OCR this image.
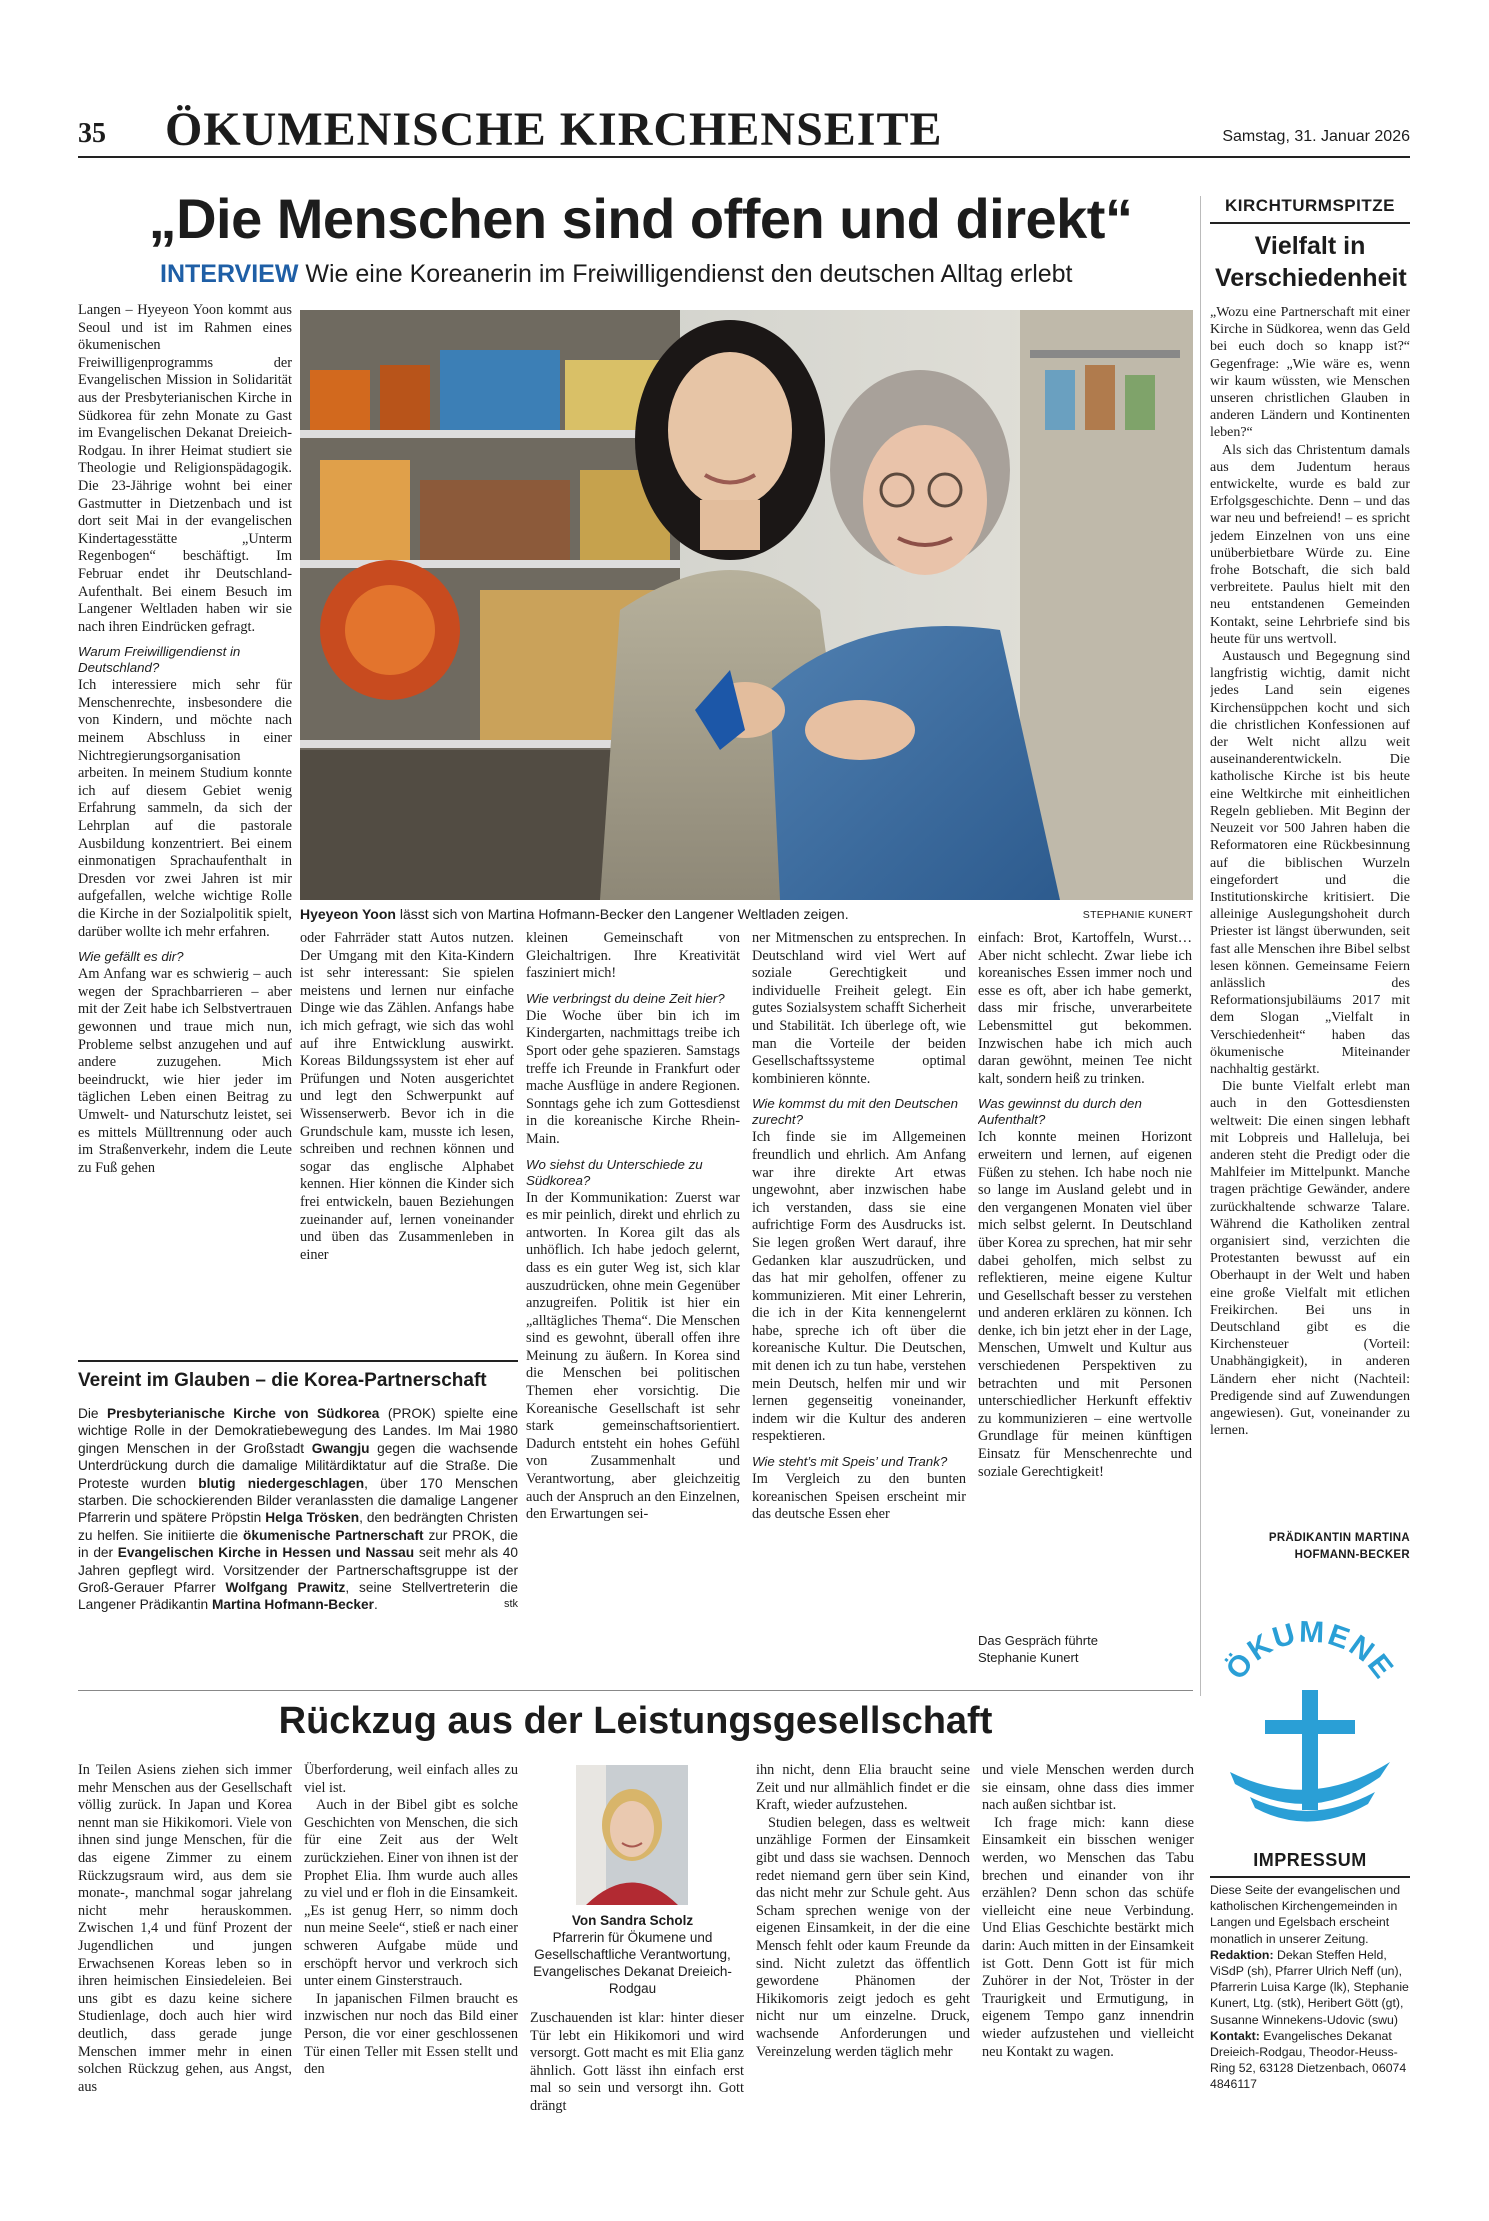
35 ÖKUMENISCHE KIRCHENSEITE	Samstag, 31. Januar 2026
„Die Menschen sind offen und direkt“
INTERVIEW Wie eine Koreanerin im Freiwilligendienst den deutschen Alltag erlebt

Langen – Hyeyeon Yoon kommt aus Seoul und ist im Rahmen eines ökumenischen Freiwilligenprogramms der Evangelischen Mission in Solidarität aus der Presbyterianischen Kirche in Südkorea für zehn Monate zu Gast im Evangelischen Dekanat Dreieich-Rodgau. In ihrer Heimat studiert sie Theologie und Religionspädagogik. Die 23-Jährige wohnt bei einer Gastmutter in Dietzenbach und ist dort seit Mai in der evangelischen Kindertagesstätte „Unterm Regenbogen“ beschäftigt. Im Februar endet ihr Deutschland-Aufenthalt. Bei einem Besuch im Langener Weltladen haben wir sie nach ihren Eindrücken gefragt.

Warum Freiwilligendienst in Deutschland?

Ich interessiere mich sehr für Menschenrechte, insbesondere die von Kindern, und möchte nach meinem Abschluss in einer Nichtregierungsorganisation arbeiten. In meinem Studium konnte ich auf diesem Gebiet wenig Erfahrung sammeln, da sich der Lehrplan auf die pastorale Ausbildung konzentriert. Bei einem einmonatigen Sprachaufenthalt in Dresden vor zwei Jahren ist mir aufgefallen, welche wichtige Rolle die Kirche in der Sozialpolitik spielt, darüber wollte ich mehr erfahren.

Wie gefällt es dir?

Am Anfang war es schwierig – auch wegen der Sprachbarrieren – aber mit der Zeit habe ich Selbstvertrauen gewonnen und traue mich nun, Probleme selbst anzugehen und auf andere zuzugehen. Mich beeindruckt, wie hier jeder im täglichen Leben einen Beitrag zu Umwelt- und Naturschutz leistet, sei es mittels Mülltrennung oder auch im Straßenverkehr, indem die Leute zu Fuß gehen

Hyeyeon Yoon lässt sich von Martina Hofmann-Becker den Langener Weltladen zeigen.	STEPHANIE KUNERT

oder Fahrräder statt Autos nutzen. Der Umgang mit den Kita-Kindern ist sehr interessant: Sie spielen meistens und lernen nur einfache Dinge wie das Zählen. Anfangs habe ich mich gefragt, wie sich das wohl auf ihre Entwicklung auswirkt. Koreas Bildungssystem ist eher auf Prüfungen und Noten ausgerichtet und legt den Schwerpunkt auf Wissenserwerb. Bevor ich in die Grundschule kam, musste ich lesen, schreiben und rechnen können und sogar das englische Alphabet kennen. Hier können die Kinder sich frei entwickeln, bauen Beziehungen zueinander auf, lernen voneinander und üben das Zusammenleben in einer

kleinen Gemeinschaft von Gleichaltrigen. Ihre Kreativität fasziniert mich!

Wie verbringst du deine Zeit hier?

Die Woche über bin ich im Kindergarten, nachmittags treibe ich Sport oder gehe spazieren. Samstags treffe ich Freunde in Frankfurt oder mache Ausflüge in andere Regionen. Sonntags gehe ich zum Gottesdienst in die koreanische Kirche Rhein-Main.

Wo siehst du Unterschiede zu Südkorea?

In der Kommunikation: Zuerst war es mir peinlich, direkt und ehrlich zu antworten. In Korea gilt das als unhöflich. Ich habe jedoch gelernt, dass es ein guter Weg ist, sich klar auszudrücken, ohne mein Gegenüber anzugreifen. Politik ist hier ein „alltägliches Thema“. Die Menschen sind es gewohnt, überall offen ihre Meinung zu äußern. In Korea sind die Menschen bei politischen Themen eher vorsichtig. Die Koreanische Gesellschaft ist sehr stark gemeinschaftsorientiert. Dadurch entsteht ein hohes Gefühl von Zusammenhalt und Verantwortung, aber gleichzeitig auch der Anspruch an den Einzelnen, den Erwartungen sei-

ner Mitmenschen zu entsprechen. In Deutschland wird viel Wert auf soziale Gerechtigkeit und individuelle Freiheit gelegt. Ein gutes Sozialsystem schafft Sicherheit und Stabilität. Ich überlege oft, wie man die Vorteile der beiden Gesellschaftssysteme optimal kombinieren könnte.

Wie kommst du mit den Deutschen zurecht?

Ich finde sie im Allgemeinen freundlich und ehrlich. Am Anfang war ihre direkte Art etwas ungewohnt, aber inzwischen habe ich verstanden, dass sie eine aufrichtige Form des Ausdrucks ist. Sie legen großen Wert darauf, ihre Gedanken klar auszudrücken, und das hat mir geholfen, offener zu kommunizieren. Mit einer Lehrerin, die ich in der Kita kennengelernt habe, spreche ich oft über die koreanische Kultur. Die Deutschen, mit denen ich zu tun habe, verstehen mein Deutsch, helfen mir und wir lernen gegenseitig voneinander, indem wir die Kultur des anderen respektieren.

Wie steht’s mit Speis’ und Trank?

Im Vergleich zu den bunten koreanischen Speisen erscheint mir das deutsche Essen eher

einfach: Brot, Kartoffeln, Wurst… Aber nicht schlecht. Zwar liebe ich koreanisches Essen immer noch und esse es oft, aber ich habe gemerkt, dass mir frische, unverarbeitete Lebensmittel gut bekommen. Inzwischen habe ich mich auch daran gewöhnt, meinen Tee nicht kalt, sondern heiß zu trinken.

Was gewinnst du durch den Aufenthalt?

Ich konnte meinen Horizont erweitern und lernen, auf eigenen Füßen zu stehen. Ich habe noch nie so lange im Ausland gelebt und in den vergangenen Monaten viel über mich selbst gelernt. In Deutschland über Korea zu sprechen, hat mir sehr dabei geholfen, mich selbst zu reflektieren, meine eigene Kultur und Gesellschaft besser zu verstehen und anderen erklären zu können. Ich denke, ich bin jetzt eher in der Lage, Menschen, Umwelt und Kultur aus verschiedenen Perspektiven zu betrachten und mit Personen unterschiedlicher Herkunft effektiv zu kommunizieren – eine wertvolle Grundlage für meinen künftigen Einsatz für Menschenrechte und soziale Gerechtigkeit!

Das Gespräch führte
Stephanie Kunert
Vereint im Glauben – die Korea-Partnerschaft

Die Presbyterianische Kirche von Südkorea (PROK) spielte eine wichtige Rolle in der Demokratiebewegung des Landes. Im Mai 1980 gingen Menschen in der Großstadt Gwangju gegen die wachsende Unterdrückung durch die damalige Militärdiktatur auf die Straße. Die Proteste wurden blutig niedergeschlagen, über 170 Menschen starben. Die schockierenden Bilder veranlassten die damalige Langener Pfarrerin und spätere Pröpstin Helga Trösken, den bedrängten Christen zu helfen. Sie initiierte die ökumenische Partnerschaft zur PROK, die in der Evangelischen Kirche in Hessen und Nassau seit mehr als 40 Jahren gepflegt wird. Vorsitzender der Partnerschaftsgruppe ist der Groß-Gerauer Pfarrer Wolfgang Prawitz, seine Stellvertreterin die Langener Prädikantin Martina Hofmann-Becker.	stk

KIRCHTURMSPITZE
Vielfalt in Verschiedenheit

„Wozu eine Partnerschaft mit einer Kirche in Südkorea, wenn das Geld bei euch doch so knapp ist?“ Gegenfrage: „Wie wäre es, wenn wir kaum wüssten, wie Menschen unseren christlichen Glauben in anderen Ländern und Kontinenten leben?“

Als sich das Christentum damals aus dem Judentum heraus entwickelte, wurde es bald zur Erfolgsgeschichte. Denn – und das war neu und befreiend! – es spricht jedem Einzelnen von uns eine unüberbietbare Würde zu. Eine frohe Botschaft, die sich bald verbreitete. Paulus hielt mit den neu entstandenen Gemeinden Kontakt, seine Lehrbriefe sind bis heute für uns wertvoll.

Austausch und Begegnung sind langfristig wichtig, damit nicht jedes Land sein eigenes Kirchensüppchen kocht und sich die christlichen Konfessionen auf der Welt nicht allzu weit auseinanderentwickeln. Die katholische Kirche ist bis heute eine Weltkirche mit einheitlichen Regeln geblieben. Mit Beginn der Neuzeit vor 500 Jahren haben die Reformatoren eine Rückbesinnung auf die biblischen Wurzeln eingefordert und die Institutionskirche kritisiert. Die alleinige Auslegungshoheit durch Priester ist längst überwunden, seit fast alle Menschen ihre Bibel selbst lesen können. Gemeinsame Feiern anlässlich des Reformationsjubiläums 2017 mit dem Slogan „Vielfalt in Verschiedenheit“ haben das ökumenische Miteinander nachhaltig gestärkt.

Die bunte Vielfalt erlebt man auch in den Gottesdiensten weltweit: Die einen singen lebhaft mit Lobpreis und Halleluja, bei anderen steht die Predigt oder die Mahlfeier im Mittelpunkt. Manche tragen prächtige Gewänder, andere zurückhaltende schwarze Talare. Während die Katholiken zentral organisiert sind, verzichten die Protestanten bewusst auf ein Oberhaupt in der Welt und haben eine große Vielfalt mit etlichen Freikirchen. Bei uns in Deutschland gibt es die Kirchensteuer (Vorteil: Unabhängigkeit), in anderen Ländern eher nicht (Nachteil: Predigende sind auf Zuwendungen angewiesen). Gut, voneinander zu lernen.

PRÄDIKANTIN MARTINA
HOFMANN-BECKER
ÖKUMENE
IMPRESSUM
Diese Seite der evangelischen und katholischen Kirchengemeinden in Langen und Egelsbach erscheint monatlich in unserer Zeitung. Redaktion: Dekan Steffen Held, ViSdP (sh), Pfarrer Ulrich Neff (un), Pfarrerin Luisa Karge (lk), Stephanie Kunert, Ltg. (stk), Heribert Gött (gt), Susanne Winnekens-Udovic (swu) Kontakt: Evangelisches Dekanat Dreieich-Rodgau, Theodor-Heuss-Ring 52, 63128 Dietzenbach, 06074 4846117
Rückzug aus der Leistungsgesellschaft

In Teilen Asiens ziehen sich immer mehr Menschen aus der Gesellschaft völlig zurück. In Japan und Korea nennt man sie Hikikomori. Viele von ihnen sind junge Menschen, für die das eigene Zimmer zu einem Rückzugsraum wird, aus dem sie monate-, manchmal sogar jahrelang nicht mehr herauskommen. Zwischen 1,4 und fünf Prozent der Jugendlichen und jungen Erwachsenen Koreas leben so in ihren heimischen Einsiedeleien. Bei uns gibt es dazu keine sichere Studienlage, doch auch hier wird deutlich, dass gerade junge Menschen immer mehr in einen solchen Rückzug gehen, aus Angst, aus

Überforderung, weil einfach alles zu viel ist.

Auch in der Bibel gibt es solche Geschichten von Menschen, die sich für eine Zeit aus der Welt zurückziehen. Einer von ihnen ist der Prophet Elia. Ihm wurde auch alles zu viel und er floh in die Einsamkeit. „Es ist genug Herr, so nimm doch nun meine Seele“, stieß er nach einer schweren Aufgabe müde und erschöpft hervor und verkroch sich unter einem Ginsterstrauch.

In japanischen Filmen braucht es inzwischen nur noch das Bild einer Person, die vor einer geschlossenen Tür einen Teller mit Essen stellt und den

Von Sandra Scholz
Pfarrerin für Ökumene und Gesellschaftliche Verantwortung, Evangelisches Dekanat Dreieich-Rodgau

Zuschauenden ist klar: hinter dieser Tür lebt ein Hikikomori und wird versorgt. Gott macht es mit Elia ganz ähnlich. Gott lässt ihn einfach erst mal so sein und versorgt ihn. Gott drängt

ihn nicht, denn Elia braucht seine Zeit und nur allmählich findet er die Kraft, wieder aufzustehen.

Studien belegen, dass es weltweit unzählige Formen der Einsamkeit gibt und dass sie wachsen. Dennoch redet niemand gern über sein Kind, das nicht mehr zur Schule geht. Aus Scham sprechen wenige von der eigenen Einsamkeit, in der die eine Mensch fehlt oder kaum Freunde da sind. Nicht zuletzt das öffentlich gewordene Phänomen der Hikikomoris zeigt jedoch es geht nicht nur um einzelne. Druck, wachsende Anforderungen und Vereinzelung werden täglich mehr

und viele Menschen werden durch sie einsam, ohne dass dies immer nach außen sichtbar ist.

Ich frage mich: kann diese Einsamkeit ein bisschen weniger werden, wo Menschen das Tabu brechen und einander von ihr erzählen? Denn schon das schüfe vielleicht eine neue Verbindung. Und Elias Geschichte bestärkt mich darin: Auch mitten in der Einsamkeit ist Gott. Denn Gott ist für mich Zuhörer in der Not, Tröster in der Traurigkeit und Ermutigung, in eigenem Tempo ganz innendrin wieder aufzustehen und vielleicht neu Kontakt zu wagen.
